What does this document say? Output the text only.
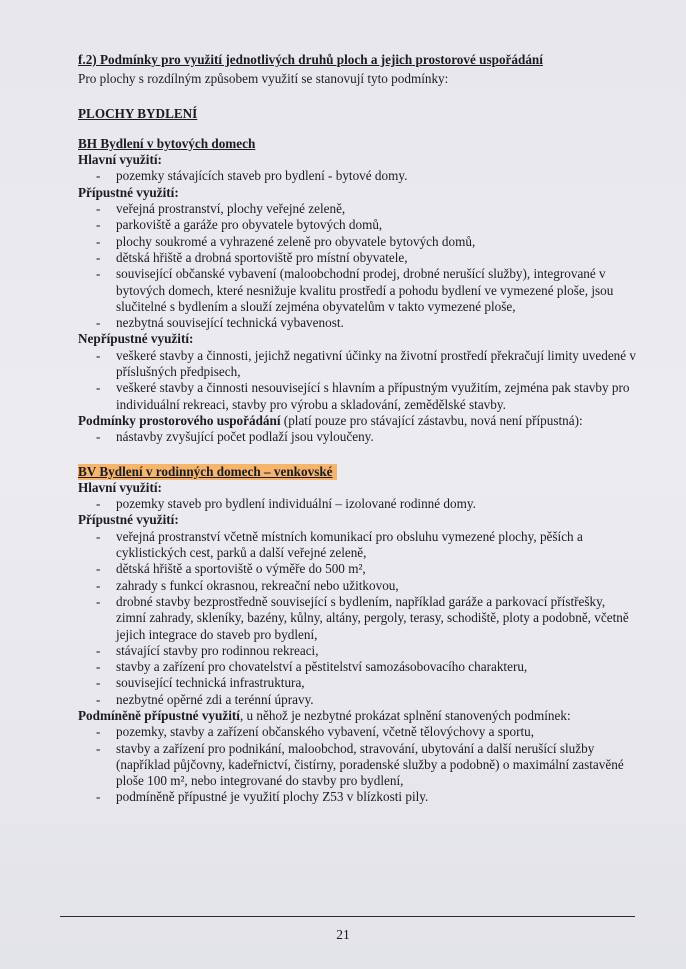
f.2) Podmínky pro využití jednotlivých druhů ploch a jejich prostorové uspořádání
Pro plochy s rozdílným způsobem využití se stanovují tyto podmínky:
PLOCHY BYDLENÍ
BH Bydlení v bytových domech
Hlavní využití:
- pozemky stávajících staveb pro bydlení - bytové domy.
Přípustné využití:
- veřejná prostranství, plochy veřejné zeleně,
- parkoviště a garáže pro obyvatele bytových domů,
- plochy soukromé a vyhrazené zeleně pro obyvatele bytových domů,
- dětská hřiště a drobná sportoviště pro místní obyvatele,
- související občanské vybavení (maloobchodní prodej, drobné nerušící služby), integrované v bytových domech, které nesnižuje kvalitu prostředí a pohodu bydlení ve vymezené ploše, jsou slučitelné s bydlením a slouží zejména obyvatelům v takto vymezené ploše,
- nezbytná související technická vybavenost.
Nepřípustné využití:
- veškeré stavby a činnosti, jejichž negativní účinky na životní prostředí překračují limity uvedené v příslušných předpisech,
- veškeré stavby a činnosti nesouvisející s hlavním a přípustným využitím, zejména pak stavby pro individuální rekreaci, stavby pro výrobu a skladování, zemědělské stavby.
Podmínky prostorového uspořádání (platí pouze pro stávající zástavbu, nová není přípustná):
- nástavby zvyšující počet podlaží jsou vyloučeny.
BV Bydlení v rodinných domech – venkovské
Hlavní využití:
- pozemky staveb pro bydlení individuální – izolované rodinné domy.
Přípustné využití:
- veřejná prostranství včetně místních komunikací pro obsluhu vymezené plochy, pěších a cyklistických cest, parků a další veřejné zeleně,
- dětská hřiště a sportoviště o výměře do 500 m²,
- zahrady s funkcí okrasnou, rekreační nebo užitkovou,
- drobné stavby bezprostředně související s bydlením, například garáže a parkovací přístřešky, zimní zahrady, skleníky, bazény, kůlny, altány, pergoly, terasy, schodiště, ploty a podobně, včetně jejich integrace do staveb pro bydlení,
- stávající stavby pro rodinnou rekreaci,
- stavby a zařízení pro chovatelství a pěstitelství samozásobovacího charakteru,
- související technická infrastruktura,
- nezbytné opěrné zdi a terénní úpravy.
Podmíněně přípustné využití, u něhož je nezbytné prokázat splnění stanovených podmínek:
- pozemky, stavby a zařízení občanského vybavení, včetně tělovýchovy a sportu,
- stavby a zařízení pro podnikání, maloobchod, stravování, ubytování a další nerušící služby (například půjčovny, kadeřnictví, čistírny, poradenské služby a podobně) o maximální zastavěné ploše 100 m², nebo integrované do stavby pro bydlení,
- podmíněně přípustné je využití plochy Z53 v blízkosti pily.
21
